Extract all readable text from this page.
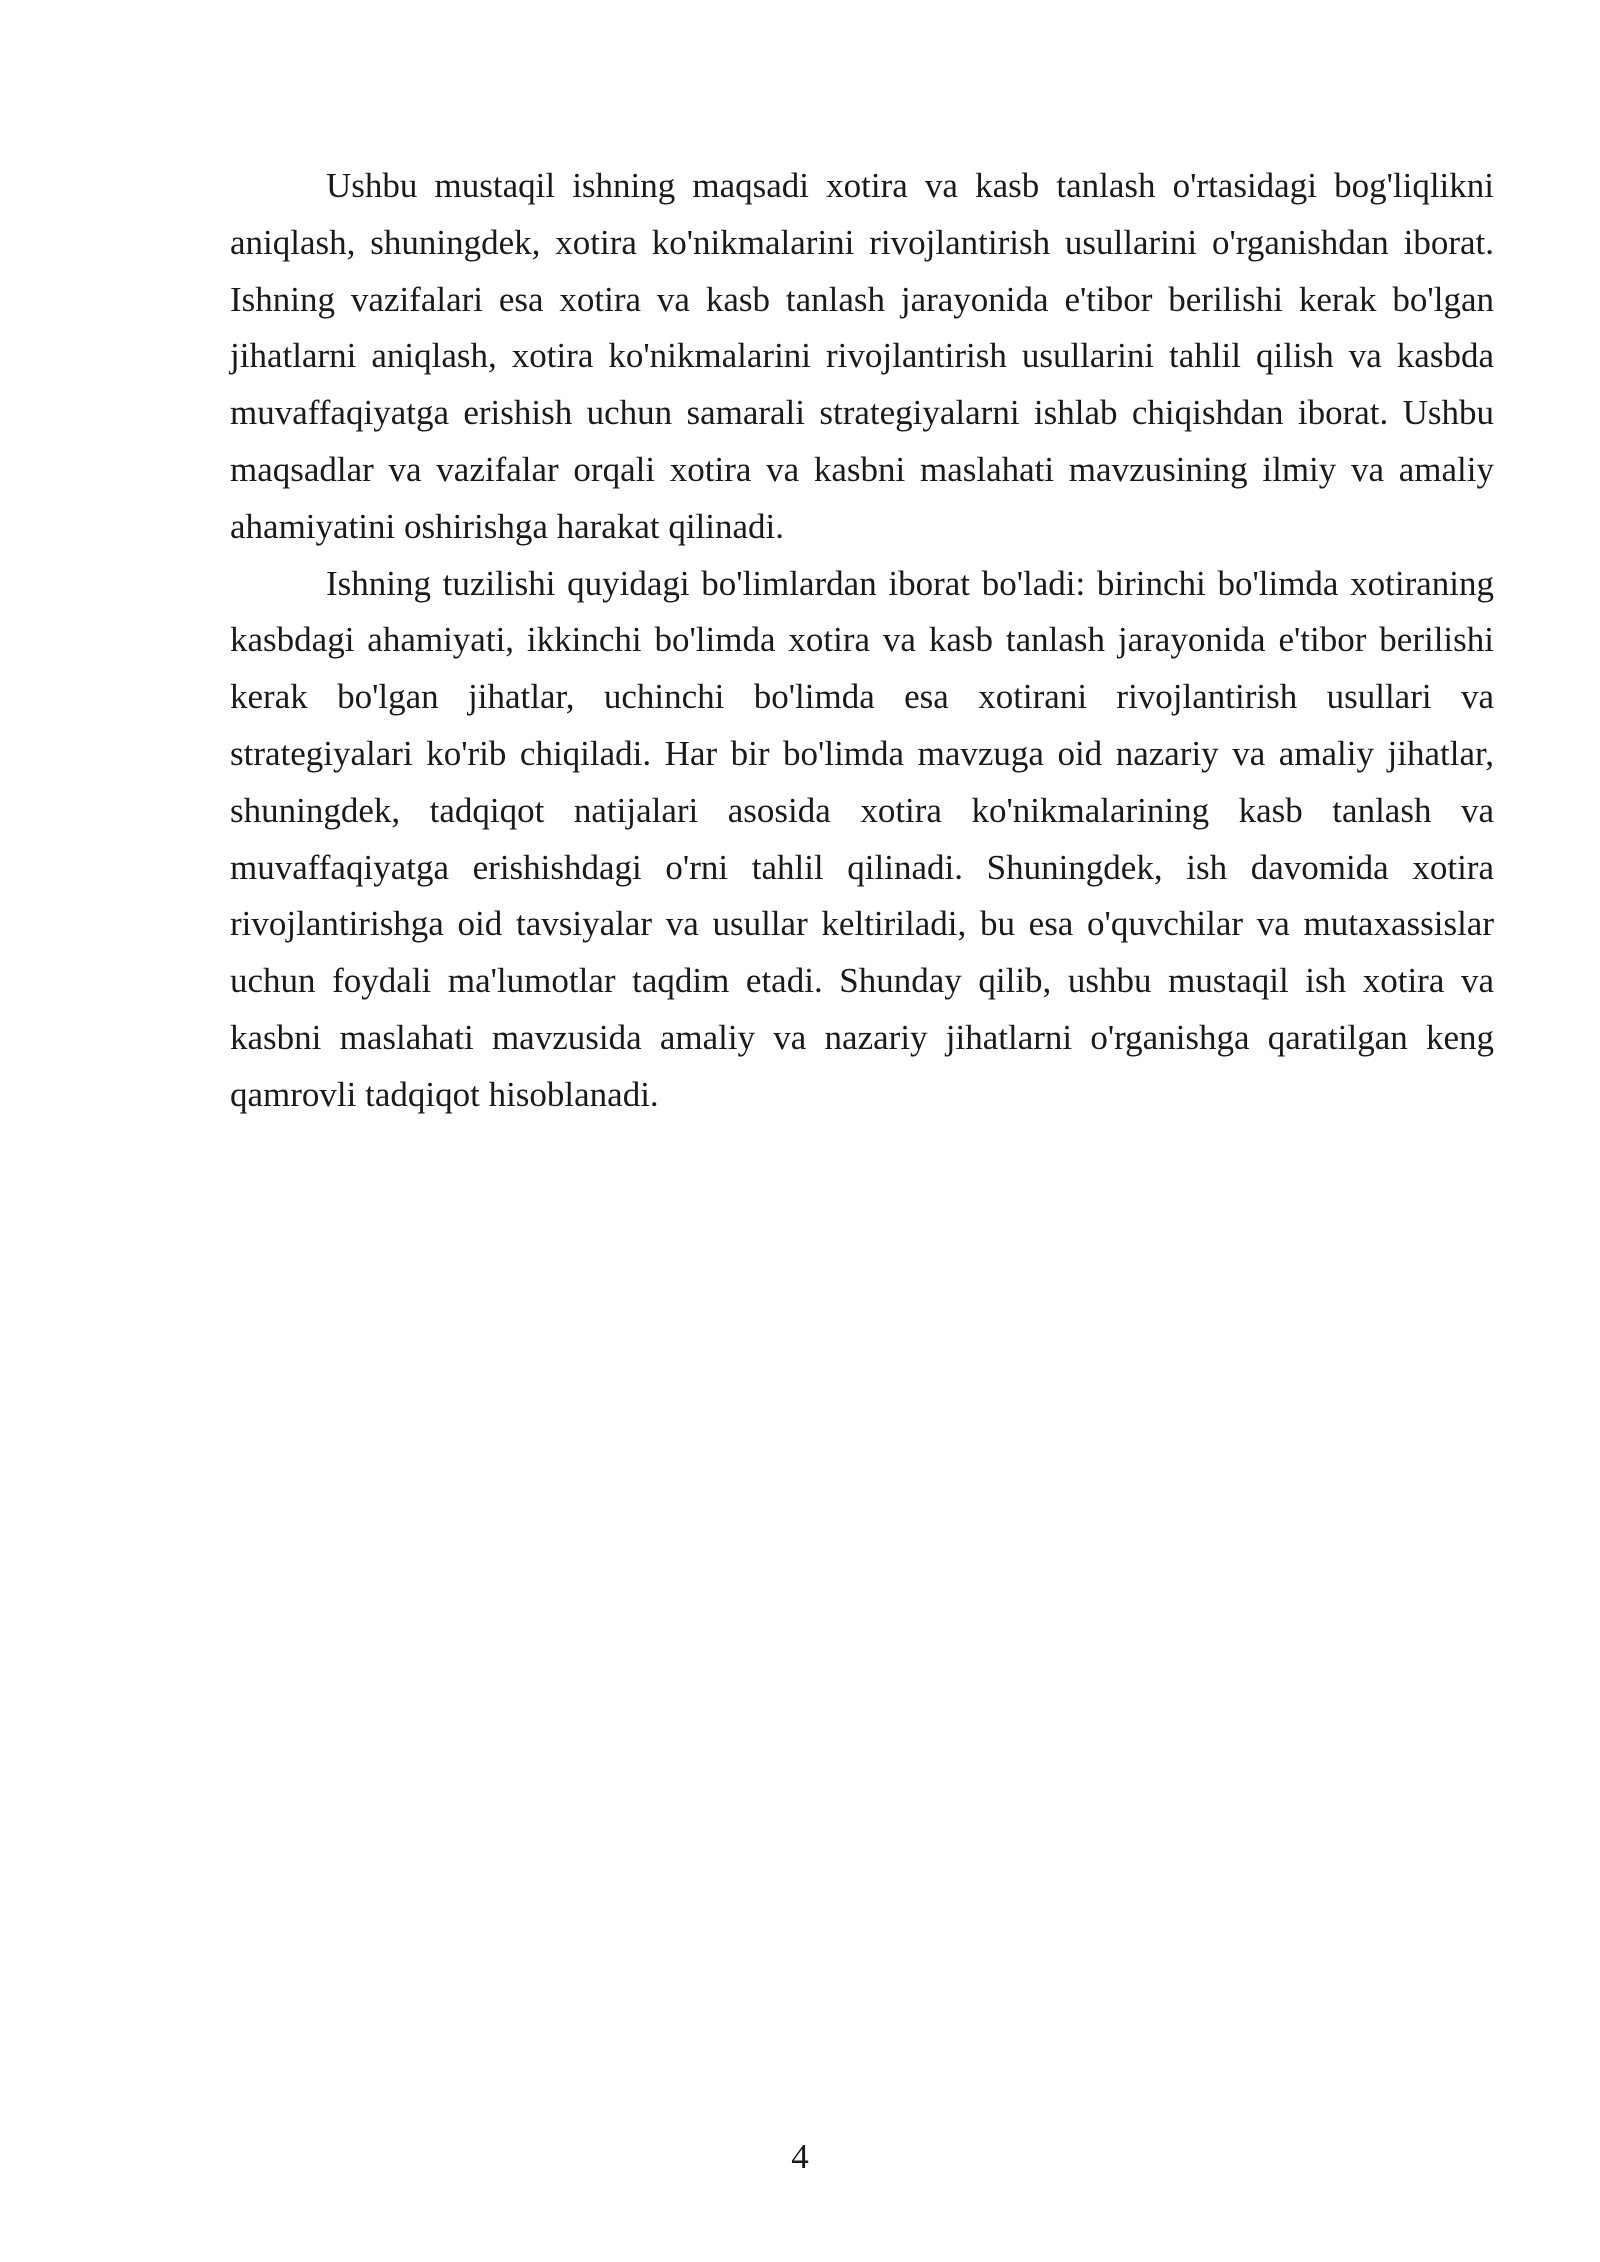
Ushbu mustaqil ishning maqsadi xotira va kasb tanlash o'rtasidagi bog'liqlikni aniqlash, shuningdek, xotira ko'nikmalarini rivojlantirish usullarini o'rganishdan iborat. Ishning vazifalari esa xotira va kasb tanlash jarayonida e'tibor berilishi kerak bo'lgan jihatlarni aniqlash, xotira ko'nikmalarini rivojlantirish usullarini tahlil qilish va kasbda muvaffaqiyatga erishish uchun samarali strategiyalarni ishlab chiqishdan iborat. Ushbu maqsadlar va vazifalar orqali xotira va kasbni maslahati mavzusining ilmiy va amaliy ahamiyatini oshirishga harakat qilinadi.

Ishning tuzilishi quyidagi bo'limlardan iborat bo'ladi: birinchi bo'limda xotiraning kasbdagi ahamiyati, ikkinchi bo'limda xotira va kasb tanlash jarayonida e'tibor berilishi kerak bo'lgan jihatlar, uchinchi bo'limda esa xotirani rivojlantirish usullari va strategiyalari ko'rib chiqiladi. Har bir bo'limda mavzuga oid nazariy va amaliy jihatlar, shuningdek, tadqiqot natijalari asosida xotira ko'nikmalarining kasb tanlash va muvaffaqiyatga erishishdagi o'rni tahlil qilinadi. Shuningdek, ish davomida xotira rivojlantirishga oid tavsiyalar va usullar keltiriladi, bu esa o'quvchilar va mutaxassislar uchun foydali ma'lumotlar taqdim etadi. Shunday qilib, ushbu mustaqil ish xotira va kasbni maslahati mavzusida amaliy va nazariy jihatlarni o'rganishga qaratilgan keng qamrovli tadqiqot hisoblanadi.

4
